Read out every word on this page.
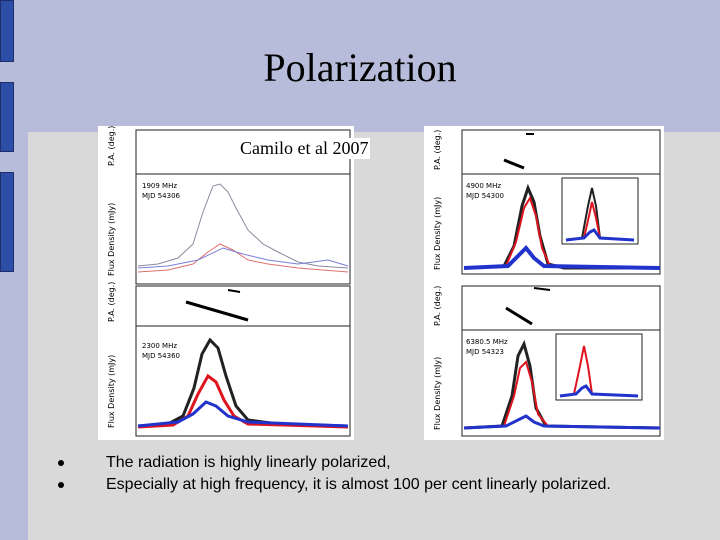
Polarization
P.A. (deg.)
Flux Density (mJy)
P.A. (deg.)
Flux Density (mJy)
1909 MHz
MJD 54306
2300 MHz
MJD 54360
Camilo et al 2007	P.A. (deg.)
Flux Density (mJy)
P.A. (deg.)
Flux Density (mJy)
4900 MHz
MJD 54300
6380.5 MHz
MJD 54323
The radiation is highly linearly polarized,
Especially at high frequency, it is almost 100 per cent linearly polarized.
